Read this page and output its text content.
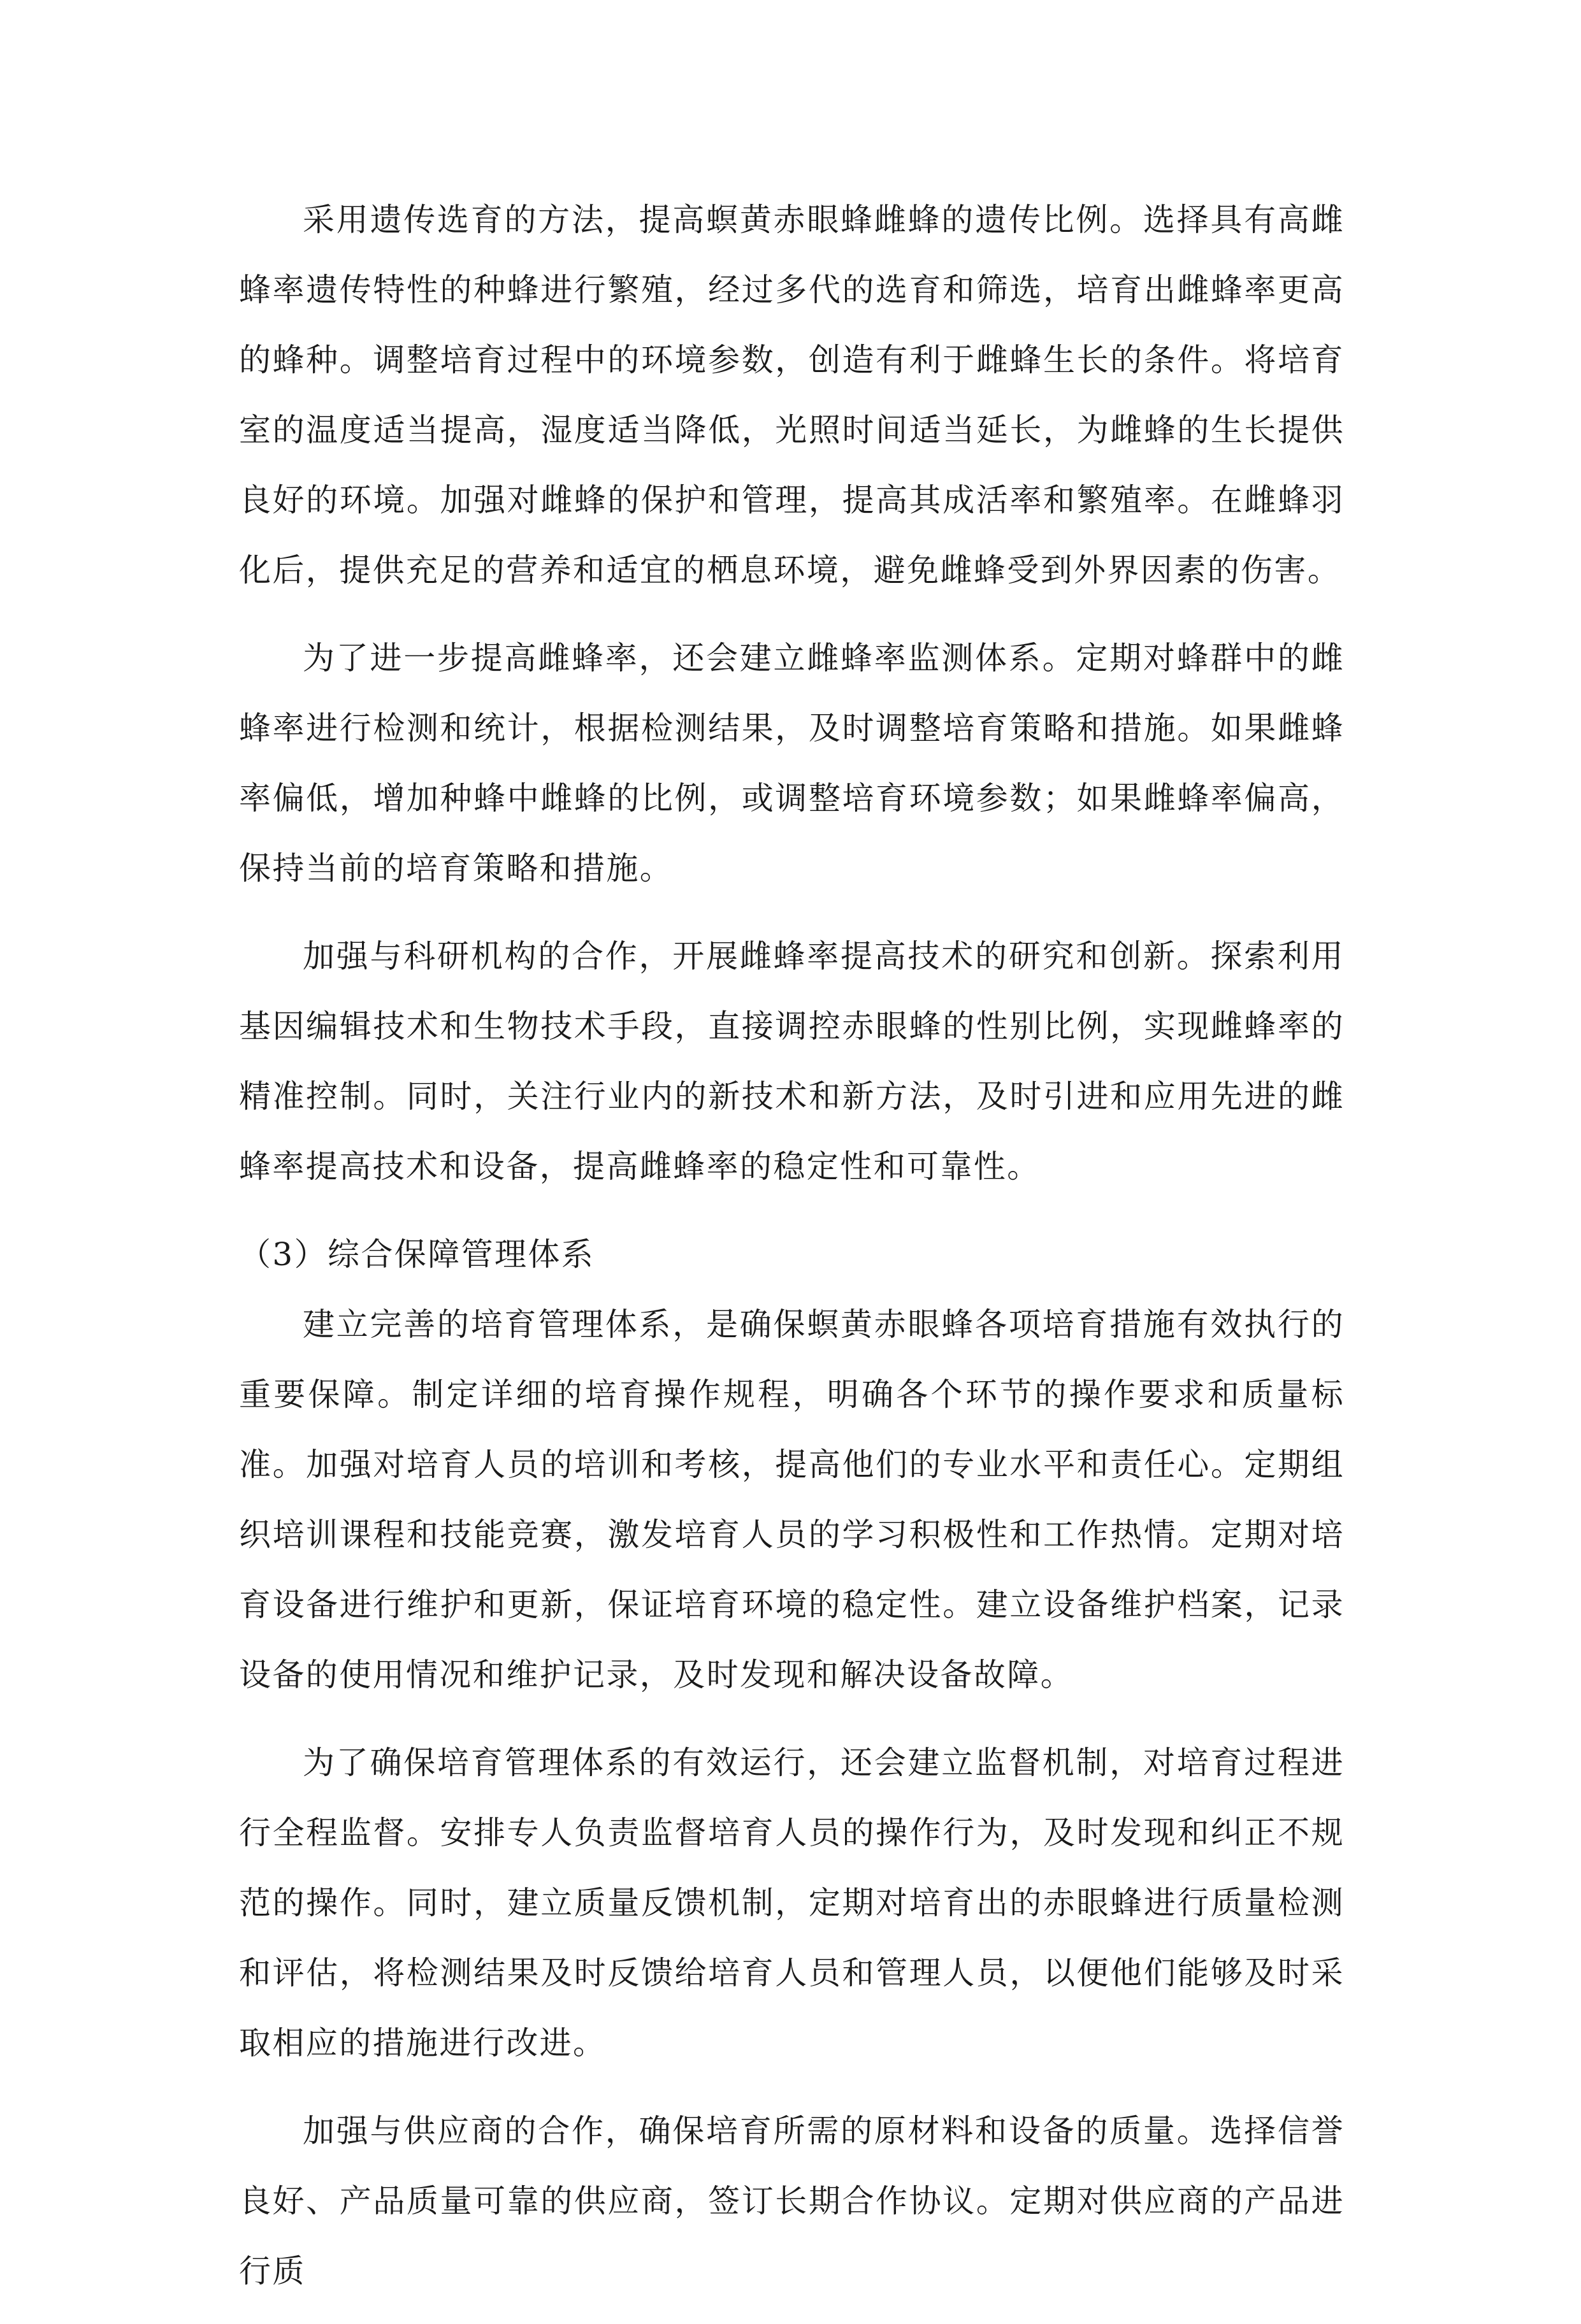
采用遗传选育的方法，提高螟黄赤眼蜂雌蜂的遗传比例。选择具有高雌蜂率遗传特性的种蜂进行繁殖，经过多代的选育和筛选，培育出雌蜂率更高的蜂种。调整培育过程中的环境参数，创造有利于雌蜂生长的条件。将培育室的温度适当提高，湿度适当降低，光照时间适当延长，为雌蜂的生长提供良好的环境。加强对雌蜂的保护和管理，提高其成活率和繁殖率。在雌蜂羽化后，提供充足的营养和适宜的栖息环境，避免雌蜂受到外界因素的伤害。

为了进一步提高雌蜂率，还会建立雌蜂率监测体系。定期对蜂群中的雌蜂率进行检测和统计，根据检测结果，及时调整培育策略和措施。如果雌蜂率偏低，增加种蜂中雌蜂的比例，或调整培育环境参数；如果雌蜂率偏高，保持当前的培育策略和措施。

加强与科研机构的合作，开展雌蜂率提高技术的研究和创新。探索利用基因编辑技术和生物技术手段，直接调控赤眼蜂的性别比例，实现雌蜂率的精准控制。同时，关注行业内的新技术和新方法，及时引进和应用先进的雌蜂率提高技术和设备，提高雌蜂率的稳定性和可靠性。

（3）综合保障管理体系

建立完善的培育管理体系，是确保螟黄赤眼蜂各项培育措施有效执行的重要保障。制定详细的培育操作规程，明确各个环节的操作要求和质量标准。加强对培育人员的培训和考核，提高他们的专业水平和责任心。定期组织培训课程和技能竞赛，激发培育人员的学习积极性和工作热情。定期对培育设备进行维护和更新，保证培育环境的稳定性。建立设备维护档案，记录设备的使用情况和维护记录，及时发现和解决设备故障。

为了确保培育管理体系的有效运行，还会建立监督机制，对培育过程进行全程监督。安排专人负责监督培育人员的操作行为，及时发现和纠正不规范的操作。同时，建立质量反馈机制，定期对培育出的赤眼蜂进行质量检测和评估，将检测结果及时反馈给培育人员和管理人员，以便他们能够及时采取相应的措施进行改进。

加强与供应商的合作，确保培育所需的原材料和设备的质量。选择信誉良好、产品质量可靠的供应商，签订长期合作协议。定期对供应商的产品进行质
